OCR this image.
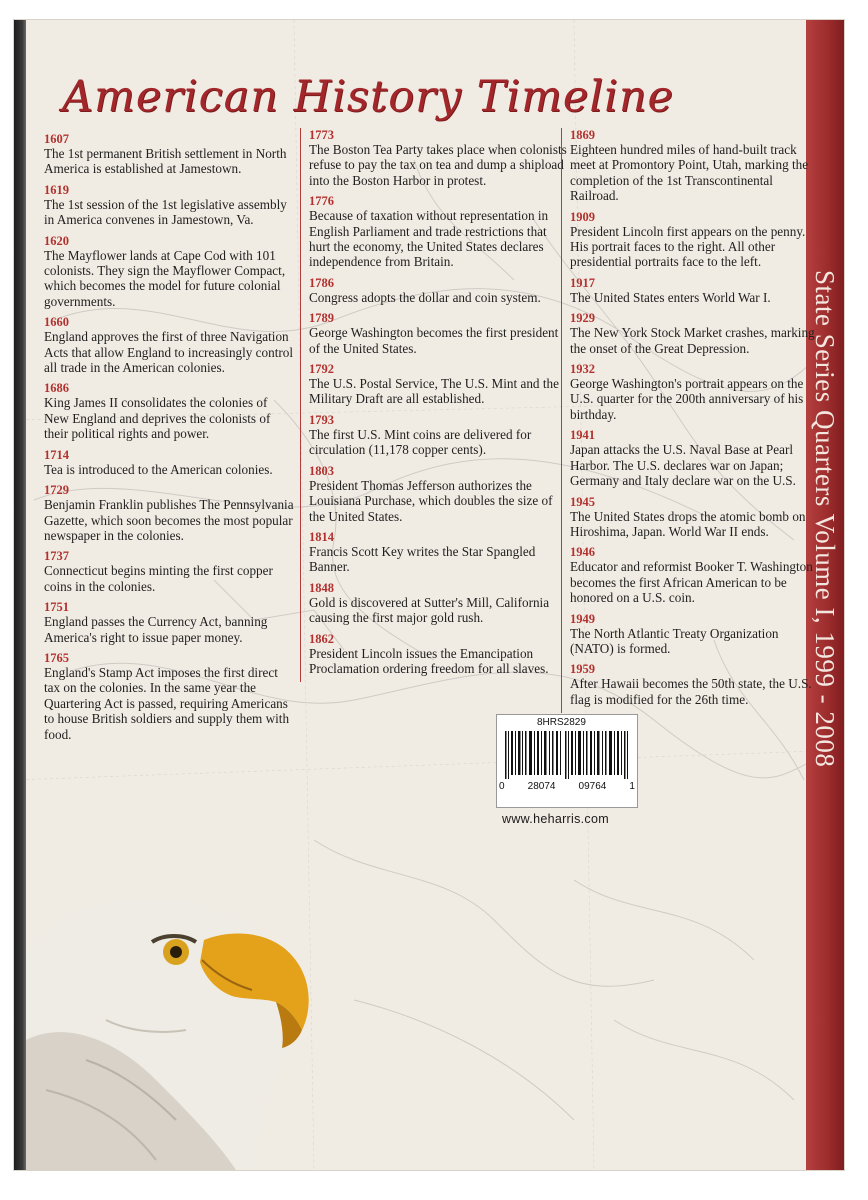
State Series Quarters Volume I, 1999 - 2008
American History Timeline
1607
The 1st permanent British settlement in North America is established at Jamestown.
1619
The 1st session of the 1st legislative assembly in America convenes in Jamestown, Va.
1620
The Mayflower lands at Cape Cod with 101 colonists. They sign the Mayflower Compact, which becomes the model for future colonial governments.
1660
England approves the first of three Navigation Acts that allow England to increasingly control all trade in the American colonies.
1686
King James II consolidates the colonies of New England and deprives the colonists of their political rights and power.
1714
Tea is introduced to the American colonies.
1729
Benjamin Franklin publishes The Pennsylvania Gazette, which soon becomes the most popular newspaper in the colonies.
1737
Connecticut begins minting the first copper coins in the colonies.
1751
England passes the Currency Act, banning America's right to issue paper money.
1765
England's Stamp Act imposes the first direct tax on the colonies. In the same year the Quartering Act is passed, requiring Americans to house British soldiers and supply them with food.
1773
The Boston Tea Party takes place when colonists refuse to pay the tax on tea and dump a shipload into the Boston Harbor in protest.
1776
Because of taxation without representation in English Parliament and trade restrictions that hurt the economy, the United States declares independence from Britain.
1786
Congress adopts the dollar and coin system.
1789
George Washington becomes the first president of the United States.
1792
The U.S. Postal Service, The U.S. Mint and the Military Draft are all established.
1793
The first U.S. Mint coins are delivered for circulation (11,178 copper cents).
1803
President Thomas Jefferson authorizes the Louisiana Purchase, which doubles the size of the United States.
1814
Francis Scott Key writes the Star Spangled Banner.
1848
Gold is discovered at Sutter's Mill, California causing the first major gold rush.
1862
President Lincoln issues the Emancipation Proclamation ordering freedom for all slaves.
1869
Eighteen hundred miles of hand-built track meet at Promontory Point, Utah, marking the completion of the 1st Transcontinental Railroad.
1909
President Lincoln first appears on the penny. His portrait faces to the right. All other presidential portraits face to the left.
1917
The United States enters World War I.
1929
The New York Stock Market crashes, marking the onset of the Great Depression.
1932
George Washington's portrait appears on the U.S. quarter for the 200th anniversary of his birthday.
1941
Japan attacks the U.S. Naval Base at Pearl Harbor. The U.S. declares war on Japan; Germany and Italy declare war on the U.S.
1945
The United States drops the atomic bomb on Hiroshima, Japan. World War II ends.
1946
Educator and reformist Booker T. Washington becomes the first African American to be honored on a U.S. coin.
1949
The North Atlantic Treaty Organization (NATO) is formed.
1959
After Hawaii becomes the 50th state, the U.S. flag is modified for the 26th time.
8HRS2829
0 28074 09764 1
www.heharris.com
